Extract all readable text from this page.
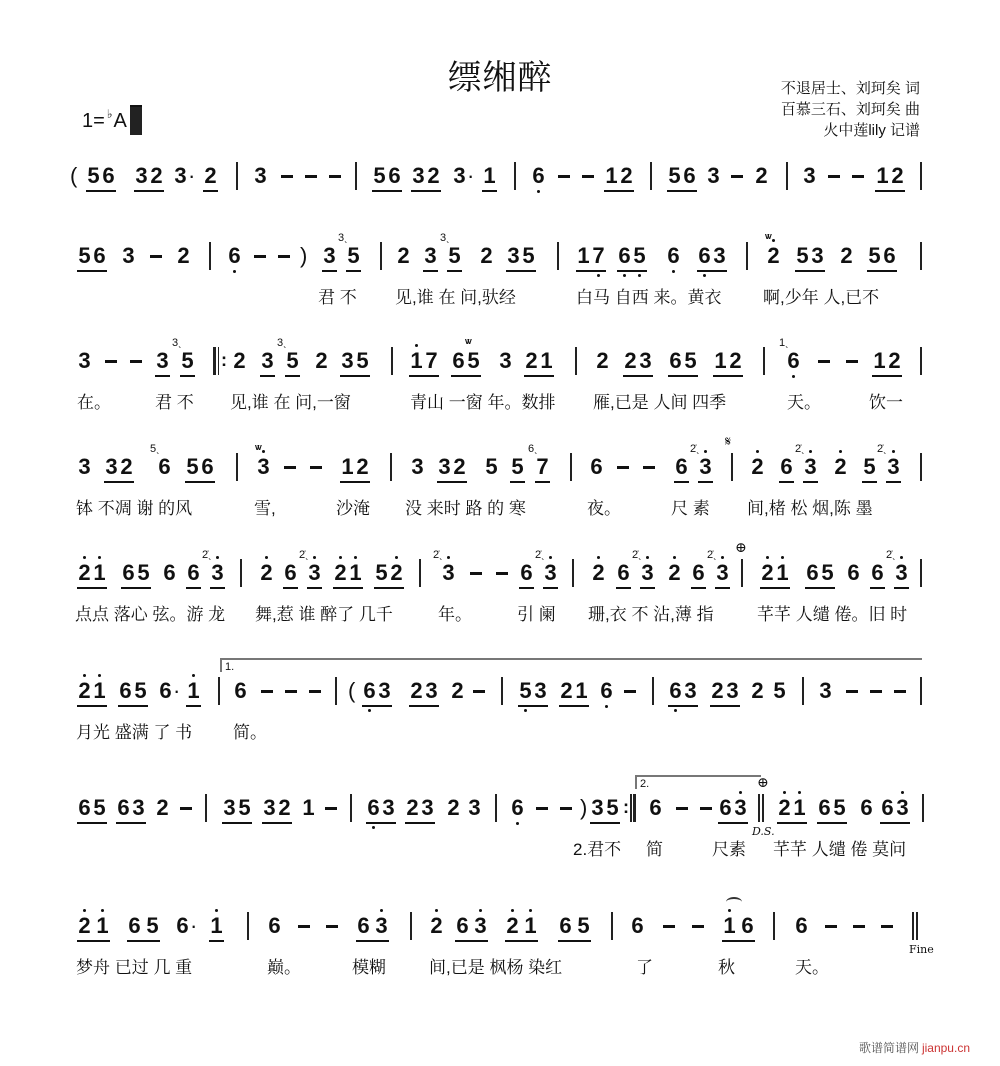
缥缃醉
1= ♭ A
不退居士、刘珂矣 词
百慕三石、刘珂矣 曲
火中莲lily 记谱
( 5 6 3 2 3 · 2 3	5 6 3 2 3 · 1 6	1 2 5 6 3 2 3	1 2
5 6 3 2 6	) 3
3ˎ
5 2 3
3ˎ
5 2 3 5 1 7 6 5 6 6 3
ᵥᵥ
2 5 3 2 5 6
君 不 见,谁 在 问,驮经	白马 自西 来。黄衣 啊,少年 人,已不
3	3
3ˎ
5 : 2 3
3ˎ
5 2 3 5 1 7 6
ᵥᵥ
5 3 2 1 2 2 3 6 5 1 2
1ˎ
6	1 2
在。	君 不 见,谁 在 问,一窗	青山 一窗 年。数排 雁,已是 人间 四季	天。	饮一
3 3 2
5ˎ
6 5 6
ᵥᵥ
3	1 2 3 3 2 5 5
6ˎ
7 6	6
2̇ˎ
3
𝄋
2 6
2̇ˎ
3 2 5
2̇ˎ
3
钵 不凋 谢 的风	雪,	沙淹 没 来时 路 的 寒	夜。	尺 素 间,楮 松 烟,陈 墨
2 1 6 5 6 6
2̇ˎ
3 2 6
2̇ˎ
3 2 1 5 2
2̇ˎ
3	6
2̇ˎ
3 2 6
2̇ˎ
3 2 6
2̇ˎ
3
⊕
2 1 6 5 6 6
2̇ˎ
3
点点 落心 弦。游 龙 舞,惹 谁 醉了 几千	年。	引 阑 珊,衣 不 沾,薄 指	芊芊 人缱 倦。旧 时
2 1 6 5 6 · 1
1.
6	( 6 3 2 3 2	5 3 2 1 6	6 3 2 3 2 5 3
月光 盛满 了 书 简。
6 5 6 3 2 3 5 3 2 1 6 3 2 3 2 3 6	) 3 5 :
2.
6	6 3
⊕
D.S.
2 1 6 5 6 6 3
2.君不 简	尺素 芊芊 人缱 倦 莫问
2 1 6 5 6 · 1 6	6 3 2 6 3 2 1 6 5 6	1 6 6
Fine
梦舟 已过 几 重	巅。	模糊	间,已是 枫杨 染红	了	秋	天。
歌谱简谱网 jianpu.cn
